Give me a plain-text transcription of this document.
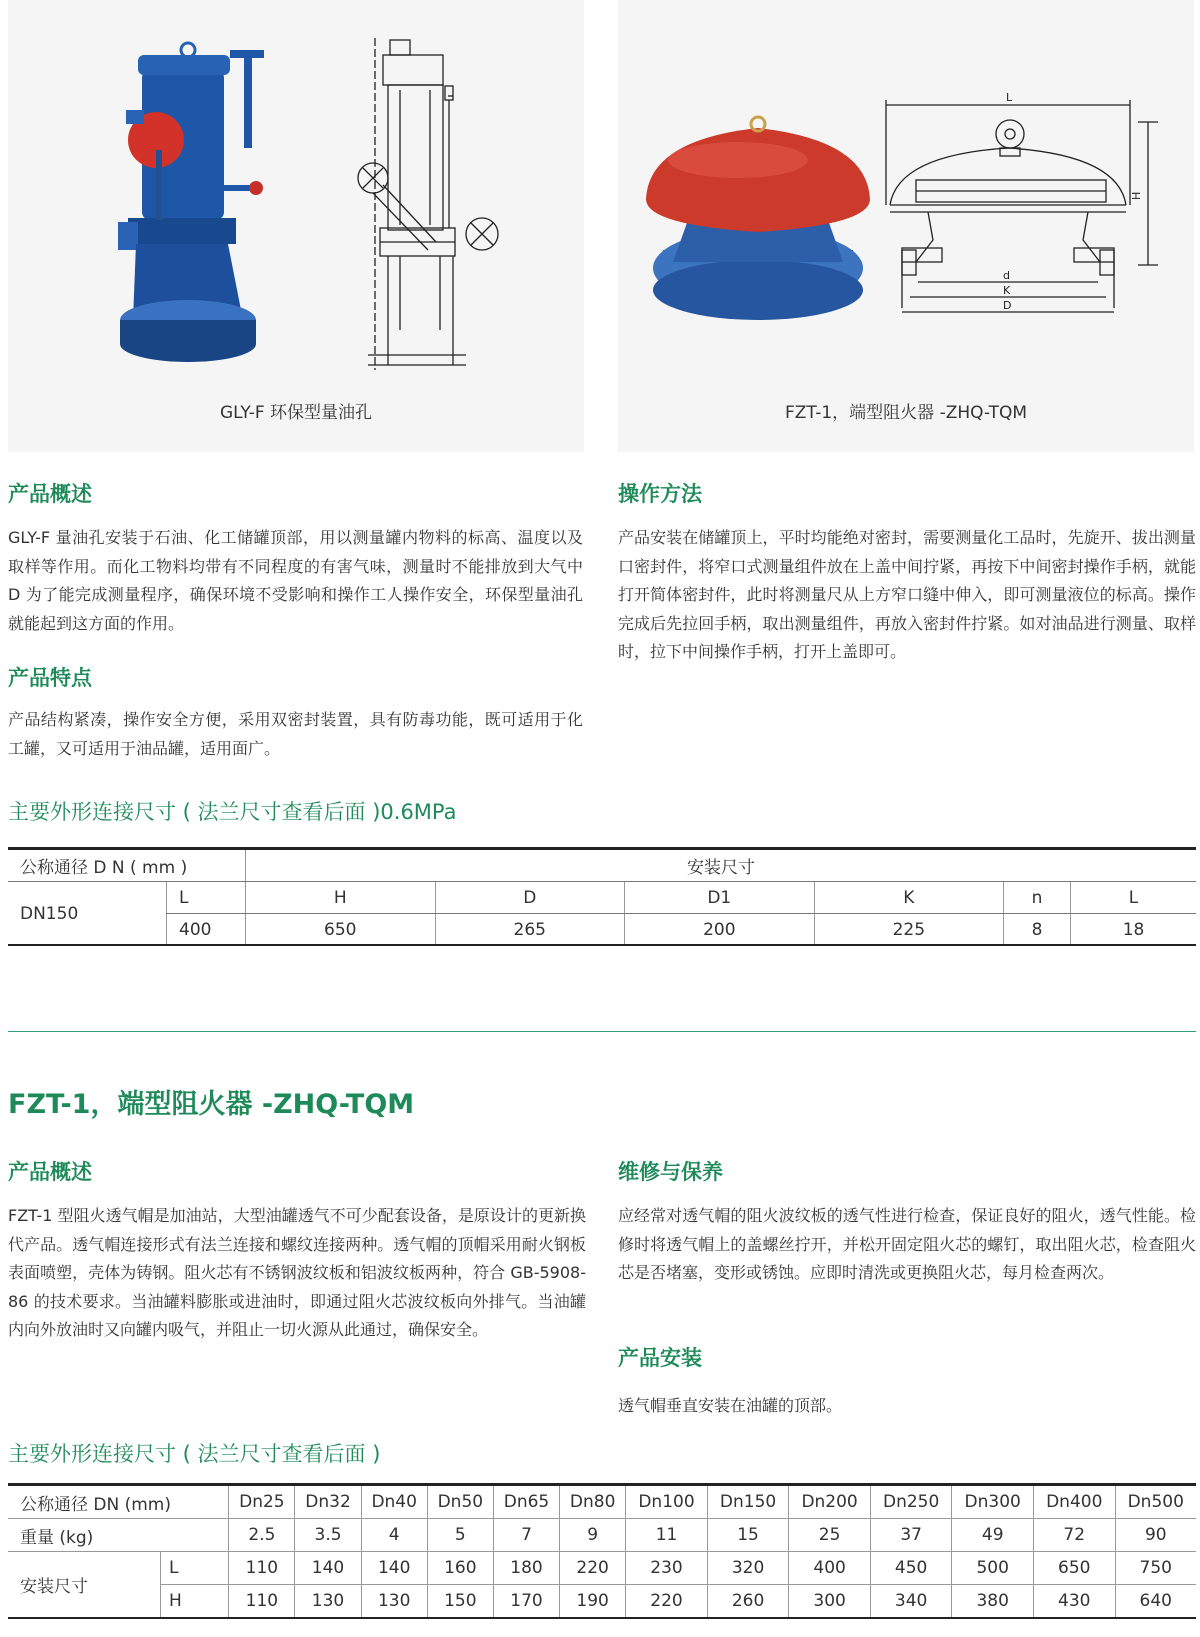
GLY-F 环保型量油孔
L
H
d
K
D
FZT-1，端型阻火器 -ZHQ-TQM
产品概述

GLY-F 量油孔安装于石油、化工储罐顶部，用以测量罐内物料的标高、温度以及取样等作用。而化工物料均带有不同程度的有害气味，测量时不能排放到大气中 D 为了能完成测量程序，确保环境不受影响和操作工人操作安全，环保型量油孔就能起到这方面的作用。

产品特点

产品结构紧凑，操作安全方便，采用双密封装置，具有防毒功能，既可适用于化工罐，又可适用于油品罐，适用面广。

操作方法

产品安装在储罐顶上，平时均能绝对密封，需要测量化工品时，先旋开、拔出测量口密封件，将窄口式测量组件放在上盖中间拧紧，再按下中间密封操作手柄，就能打开简体密封件，此时将测量尺从上方窄口缝中伸入，即可测量液位的标高。操作完成后先拉回手柄，取出测量组件，再放入密封件拧紧。如对油品进行测量、取样时，拉下中间操作手柄，打开上盖即可。

主要外形连接尺寸 ( 法兰尺寸查看后面 )0.6MPa
公称通径 D N ( mm )		安装尺寸					
DN150	L	H	D	D1	K	n	L
	400	650	265	200	225	8	18
FZT-1，端型阻火器 -ZHQ-TQM
产品概述

FZT-1 型阻火透气帽是加油站，大型油罐透气不可少配套设备，是原设计的更新换代产品。透气帽连接形式有法兰连接和螺纹连接两种。透气帽的顶帽采用耐火钢板表面喷塑，壳体为铸钢。阻火芯有不锈钢波纹板和铝波纹板两种，符合 GB-5908-86 的技术要求。当油罐料膨胀或进油时，即通过阻火芯波纹板向外排气。当油罐内向外放油时又向罐内吸气，并阻止一切火源从此通过，确保安全。

维修与保养

应经常对透气帽的阻火波纹板的透气性进行检查，保证良好的阻火，透气性能。检修时将透气帽上的盖螺丝拧开，并松开固定阻火芯的螺钉，取出阻火芯，检查阻火芯是否堵塞，变形或锈蚀。应即时清洗或更换阻火芯，每月检查两次。

产品安装

透气帽垂直安装在油罐的顶部。

主要外形连接尺寸 ( 法兰尺寸查看后面 )
公称通径 DN (mm)		Dn25	Dn32	Dn40	Dn50	Dn65	Dn80	Dn100	Dn150	Dn200	Dn250	Dn300	Dn400	Dn500
重量 (kg)		2.5	3.5	4	5	7	9	11	15	25	37	49	72	90
安装尺寸	L	110	140	140	160	180	220	230	320	400	450	500	650	750
	H	110	130	130	150	170	190	220	260	300	340	380	430	640
